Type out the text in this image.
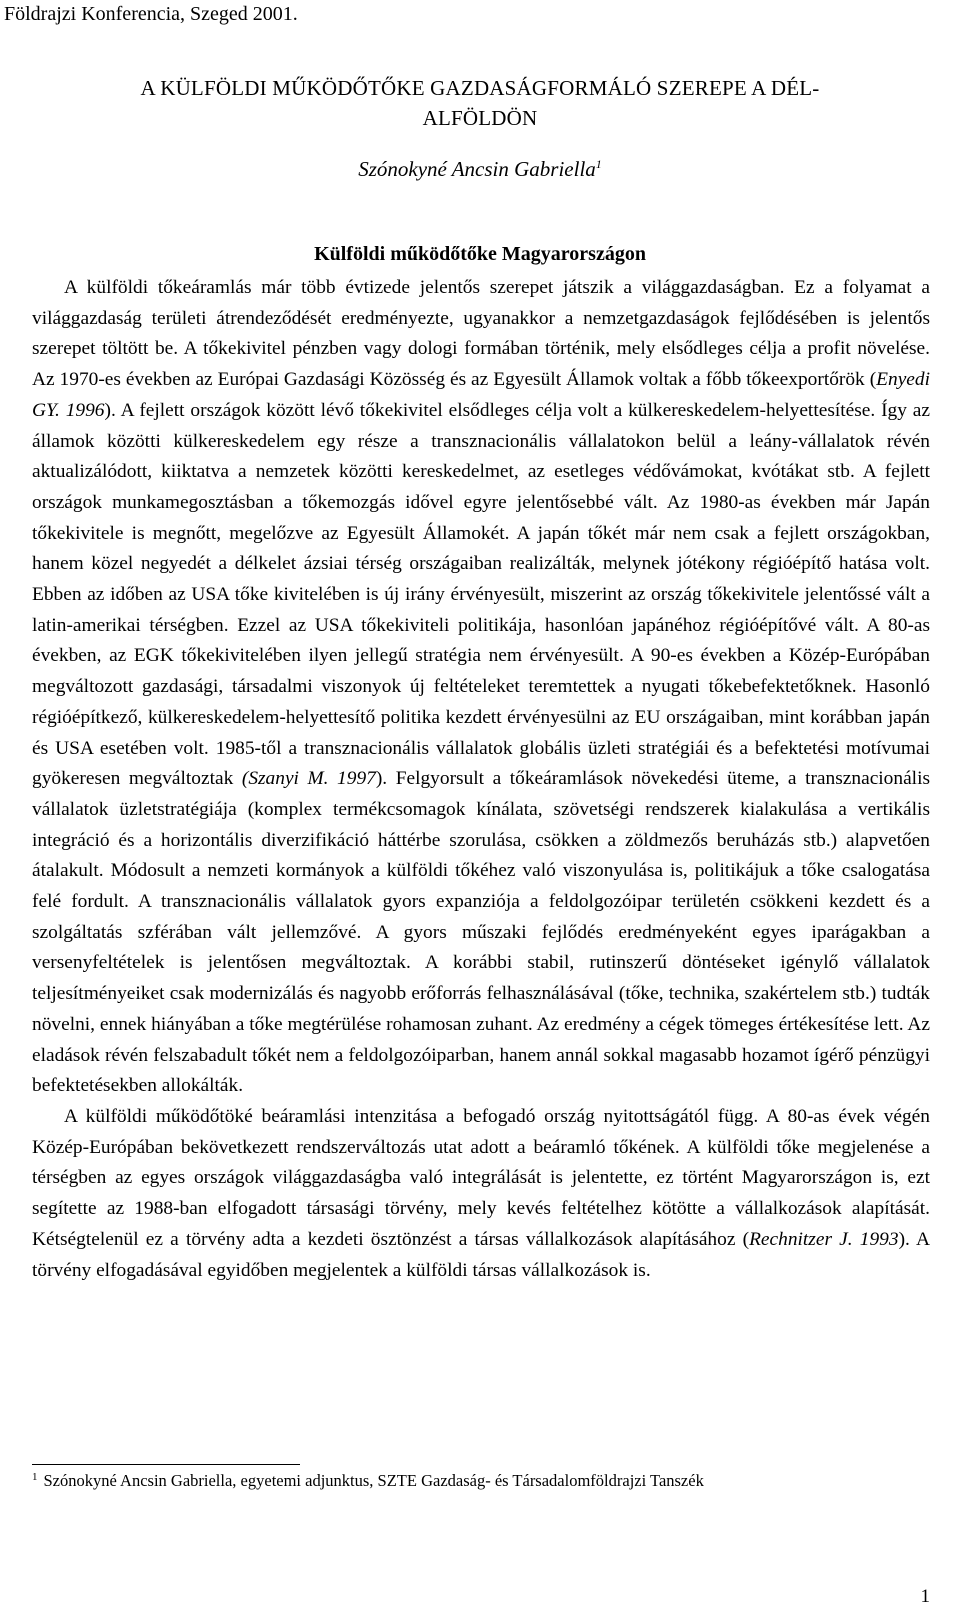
Földrajzi Konferencia, Szeged 2001.
A KÜLFÖLDI MŰKÖDŐTŐKE GAZDASÁGFORMÁLÓ SZEREPE A DÉL-
ALFÖLDÖN
Szónokyné Ancsin Gabriella$^1$
Külföldi működőtőke Magyarországon

A külföldi tőkeáramlás már több évtizede jelentős szerepet játszik a világgazdaságban. Ez a folyamat a világgazdaság területi átrendeződését eredményezte, ugyanakkor a nemzetgazdaságok fejlődésében is jelentős szerepet töltött be. A tőkekivitel pénzben vagy dologi formában történik, mely elsődleges célja a profit növelése. Az 1970-es években az Európai Gazdasági Közösség és az Egyesült Államok voltak a főbb tőkeexportőrök (Enyedi GY. 1996). A fejlett országok között lévő tőkekivitel elsődleges célja volt a külkereskedelem-helyettesítése. Így az államok közötti külkereskedelem egy része a transznacionális vállalatokon belül a leány-vállalatok révén aktualizálódott, kiiktatva a nemzetek közötti kereskedelmet, az esetleges védővámokat, kvótákat stb. A fejlett országok munkamegosztásban a tőkemozgás idővel egyre jelentősebbé vált. Az 1980-as években már Japán tőkekivitele is megnőtt, megelőzve az Egyesült Államokét. A japán tőkét már nem csak a fejlett országokban, hanem közel negyedét a délkelet ázsiai térség országaiban realizálták, melynek jótékony régióépítő hatása volt. Ebben az időben az USA tőke kivitelében is új irány érvényesült, miszerint az ország tőkekivitele jelentőssé vált a latin-amerikai térségben. Ezzel az USA tőkekiviteli politikája, hasonlóan japánéhoz régióépítővé vált. A 80-as években, az EGK tőkekivitelében ilyen jellegű stratégia nem érvényesült. A 90-es években a Közép-Európában megváltozott gazdasági, társadalmi viszonyok új feltételeket teremtettek a nyugati tőkebefektetőknek. Hasonló régióépítkező, külkereskedelem-helyettesítő politika kezdett érvényesülni az EU országaiban, mint korábban japán és USA esetében volt. 1985-től a transznacionális vállalatok globális üzleti stratégiái és a befektetési motívumai gyökeresen megváltoztak (Szanyi M. 1997). Felgyorsult a tőkeáramlások növekedési üteme, a transznacionális vállalatok üzletstratégiája (komplex termékcsomagok kínálata, szövetségi rendszerek kialakulása a vertikális integráció és a horizontális diverzifikáció háttérbe szorulása, csökken a zöldmezős beruházás stb.) alapvetően átalakult. Módosult a nemzeti kormányok a külföldi tőkéhez való viszonyulása is, politikájuk a tőke csalogatása felé fordult. A transznacionális vállalatok gyors expanziója a feldolgozóipar területén csökkeni kezdett és a szolgáltatás szférában vált jellemzővé. A gyors műszaki fejlődés eredményeként egyes iparágakban a versenyfeltételek is jelentősen megváltoztak. A korábbi stabil, rutinszerű döntéseket igénylő vállalatok teljesítményeiket csak modernizálás és nagyobb erőforrás felhasználásával (tőke, technika, szakértelem stb.) tudták növelni, ennek hiányában a tőke megtérülése rohamosan zuhant. Az eredmény a cégek tömeges értékesítése lett. Az eladások révén felszabadult tőkét nem a feldolgozóiparban, hanem annál sokkal magasabb hozamot ígérő pénzügyi befektetésekben allokálták.

A külföldi működőtöké beáramlási intenzitása a befogadó ország nyitottságától függ. A 80-as évek végén Közép-Európában bekövetkezett rendszerváltozás utat adott a beáramló tőkének. A külföldi tőke megjelenése a térségben az egyes országok világgazdaságba való integrálását is jelentette, ez történt Magyarországon is, ezt segítette az 1988-ban elfogadott társasági törvény, mely kevés feltételhez kötötte a vállalkozások alapítását. Kétségtelenül ez a törvény adta a kezdeti ösztönzést a társas vállalkozások alapításához (Rechnitzer J. 1993). A törvény elfogadásával egyidőben megjelentek a külföldi társas vállalkozások is.

$^1$ Szónokyné Ancsin Gabriella, egyetemi adjunktus, SZTE Gazdaság- és Társadalomföldrajzi Tanszék
1
